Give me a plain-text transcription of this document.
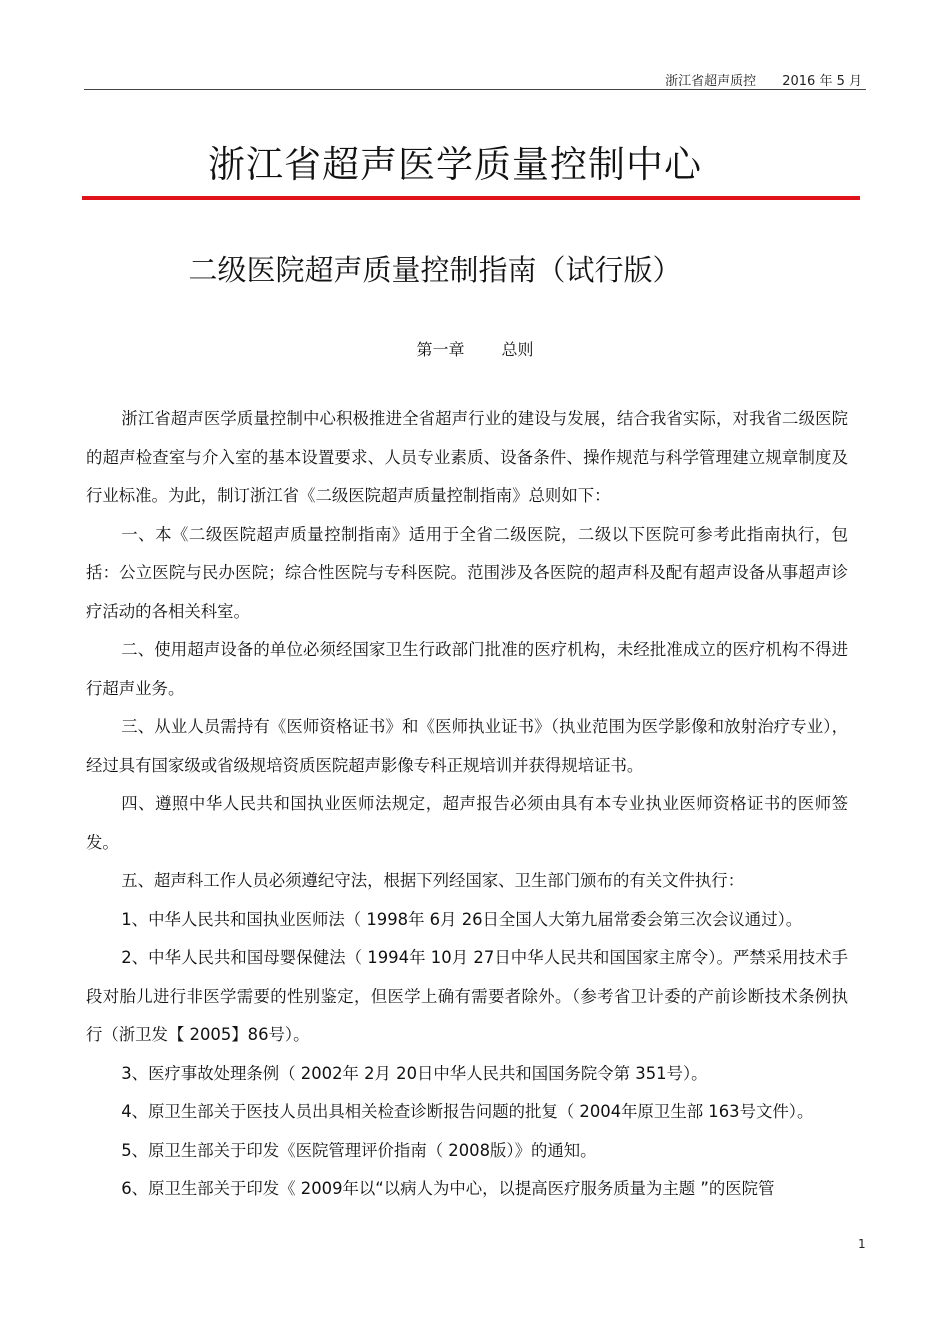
浙江省超声质控 2016 年 5 月
浙江省超声医学质量控制中心
二级医院超声质量控制指南（试行版）
第一章 总则

浙江省超声医学质量控制中心积极推进全省超声行业的建设与发展，结合我省实际，对我省二级医院的超声检查室与介入室的基本设置要求、人员专业素质、设备条件、操作规范与科学管理建立规章制度及行业标准。为此，制订浙江省《二级医院超声质量控制指南》总则如下：

一、本《二级医院超声质量控制指南》适用于全省二级医院，二级以下医院可参考此指南执行，包括：公立医院与民办医院；综合性医院与专科医院。范围涉及各医院的超声科及配有超声设备从事超声诊疗活动的各相关科室。

二、使用超声设备的单位必须经国家卫生行政部门批准的医疗机构，未经批准成立的医疗机构不得进行超声业务。

三、从业人员需持有《医师资格证书》和《医师执业证书》（执业范围为医学影像和放射治疗专业），经过具有国家级或省级规培资质医院超声影像专科正规培训并获得规培证书。

四、遵照中华人民共和国执业医师法规定，超声报告必须由具有本专业执业医师资格证书的医师签发。

五、超声科工作人员必须遵纪守法，根据下列经国家、卫生部门颁布的有关文件执行：

1、中华人民共和国执业医师法（ 1998年 6月 26日全国人大第九届常委会第三次会议通过）。

2、中华人民共和国母婴保健法（ 1994年 10月 27日中华人民共和国国家主席令）。严禁采用技术手段对胎儿进行非医学需要的性别鉴定，但医学上确有需要者除外。（参考省卫计委的产前诊断技术条例执行（浙卫发【 2005】86号）。

3、医疗事故处理条例（ 2002年 2月 20日中华人民共和国国务院令第 351号）。

4、原卫生部关于医技人员出具相关检查诊断报告问题的批复（ 2004年原卫生部 163号文件）。

5、原卫生部关于印发《医院管理评价指南（ 2008版）》的通知。

6、原卫生部关于印发《 2009年以“以病人为中心，以提高医疗服务质量为主题 ”的医院管

1
